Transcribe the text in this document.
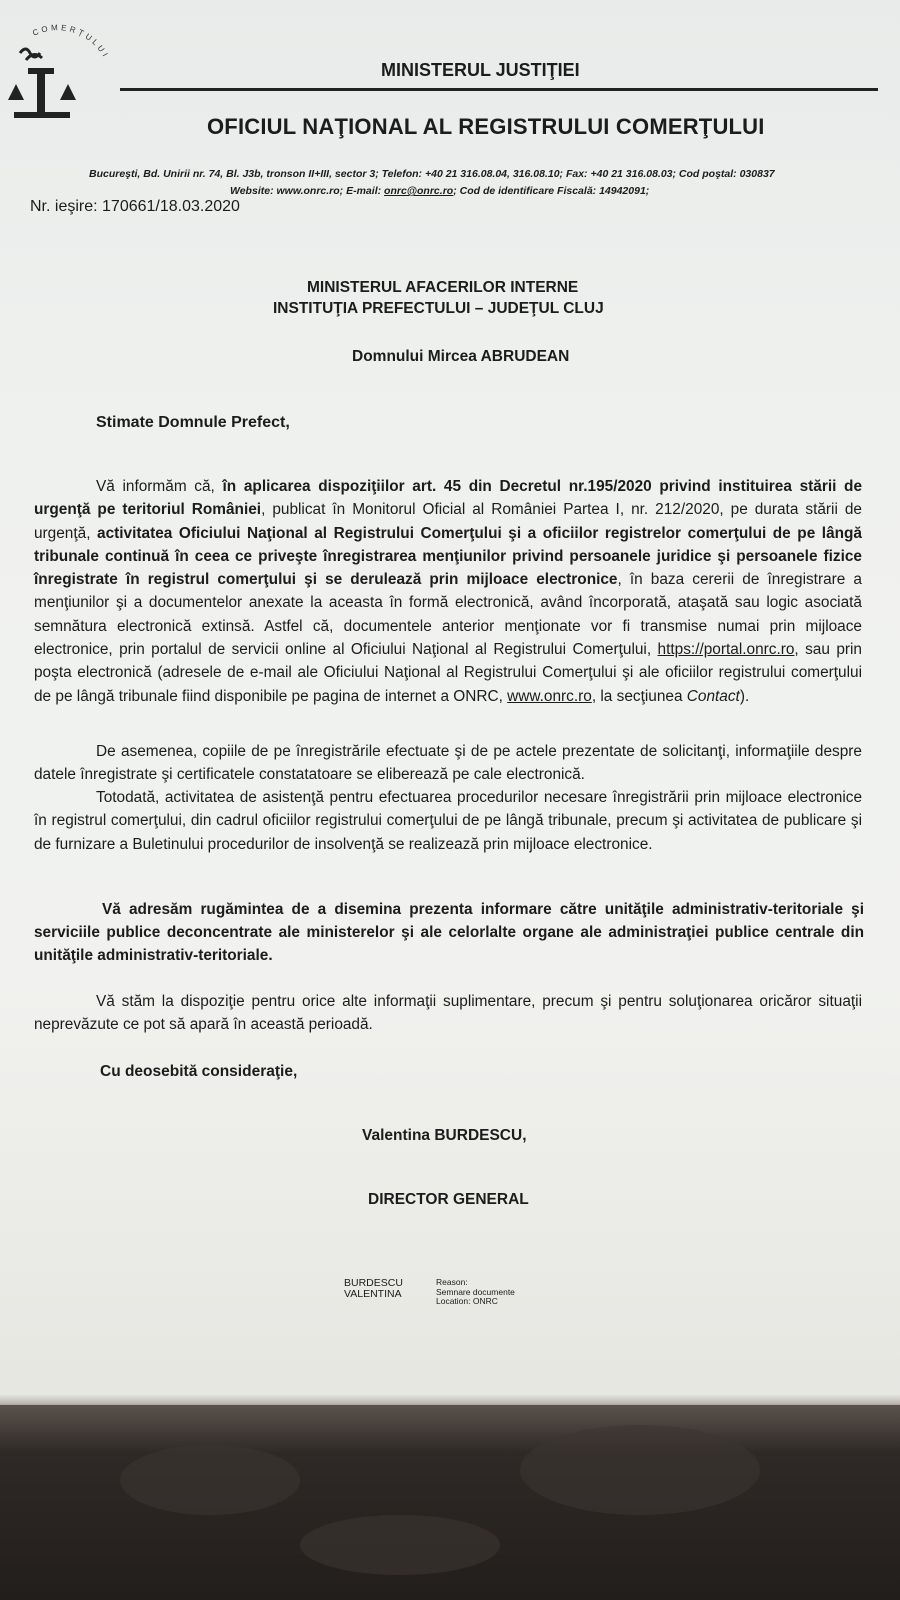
COMERȚULUI
MINISTERUL JUSTIŢIEI
OFICIUL NAŢIONAL AL REGISTRULUI COMERŢULUI
Bucureşti, Bd. Unirii nr. 74, Bl. J3b, tronson II+III, sector 3; Telefon: +40 21 316.08.04, 316.08.10; Fax: +40 21 316.08.03; Cod poştal: 030837
Website: www.onrc.ro; E-mail: onrc@onrc.ro; Cod de identificare Fiscală: 14942091;
Nr. ieşire: 170661/18.03.2020
MINISTERUL AFACERILOR INTERNE
INSTITUŢIA PREFECTULUI – JUDEŢUL CLUJ
Domnului Mircea ABRUDEAN
Stimate Domnule Prefect,
Vă informăm că, în aplicarea dispoziţiilor art. 45 din Decretul nr.195/2020 privind instituirea stării de urgenţă pe teritoriul României, publicat în Monitorul Oficial al României Partea I, nr. 212/2020, pe durata stării de urgenţă, activitatea Oficiului Naţional al Registrului Comerţului şi a oficiilor registrelor comerţului de pe lângă tribunale continuă în ceea ce priveşte înregistrarea menţiunilor privind persoanele juridice şi persoanele fizice înregistrate în registrul comerţului şi se derulează prin mijloace electronice, în baza cererii de înregistrare a menţiunilor şi a documentelor anexate la aceasta în formă electronică, având încorporată, ataşată sau logic asociată semnătura electronică extinsă. Astfel că, documentele anterior menţionate vor fi transmise numai prin mijloace electronice, prin portalul de servicii online al Oficiului Naţional al Registrului Comerţului, https://portal.onrc.ro, sau prin poşta electronică (adresele de e-mail ale Oficiului Naţional al Registrului Comerţului şi ale oficiilor registrului comerţului de pe lângă tribunale fiind disponibile pe pagina de internet a ONRC, www.onrc.ro, la secţiunea Contact).
De asemenea, copiile de pe înregistrările efectuate şi de pe actele prezentate de solicitanţi, informaţiile despre datele înregistrate şi certificatele constatatoare se eliberează pe cale electronică.
Totodată, activitatea de asistenţă pentru efectuarea procedurilor necesare înregistrării prin mijloace electronice în registrul comerţului, din cadrul oficiilor registrului comerţului de pe lângă tribunale, precum şi activitatea de publicare şi de furnizare a Buletinului procedurilor de insolvenţă se realizează prin mijloace electronice.
Vă adresăm rugămintea de a disemina prezenta informare către unităţile administrativ-teritoriale şi serviciile publice deconcentrate ale ministerelor şi ale celorlalte organe ale administraţiei publice centrale din unităţile administrativ-teritoriale.
Vă stăm la dispoziţie pentru orice alte informaţii suplimentare, precum şi pentru soluţionarea oricăror situaţii neprevăzute ce pot să apară în această perioadă.
Cu deosebită consideraţie,
Valentina BURDESCU,
DIRECTOR GENERAL
BURDESCU VALENTINA
Reason:
Semnare documente
Location: ONRC
